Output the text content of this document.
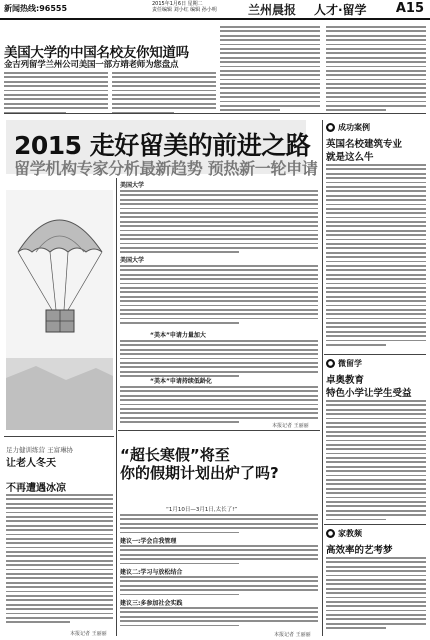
新闻热线:96555	2015年1月6日 星期二
责任编辑 刘小红 编辑 孙小明	兰州晨报 人才·留学 A15
美国大学的中国名校友你知道吗
金吉列留学兰州公司美国一部方靖老师为您盘点
2015 走好留美的前进之路
留学机构专家分析最新趋势 预热新一轮申请
美国大学
美国大学
“美本”申请力量加大
“美本”申请持续低龄化
本报记者 王丽丽
足力健训练营 王富琳协
让老人冬天
不再遭遇冰凉
本报记者 王丽丽
“超长寒假”将至
你的假期计划出炉了吗?
“1月10日—3月1日,太长了!”
建议一:学会自我管理
建议二:学习与放松结合
建议三:多参加社会实践
本报记者 王丽丽
● 成功案例
英国名校建筑专业
就是这么牛
● 微留学
卓奥教育
特色小学让学生受益
● 家教频
高效率的艺考梦
